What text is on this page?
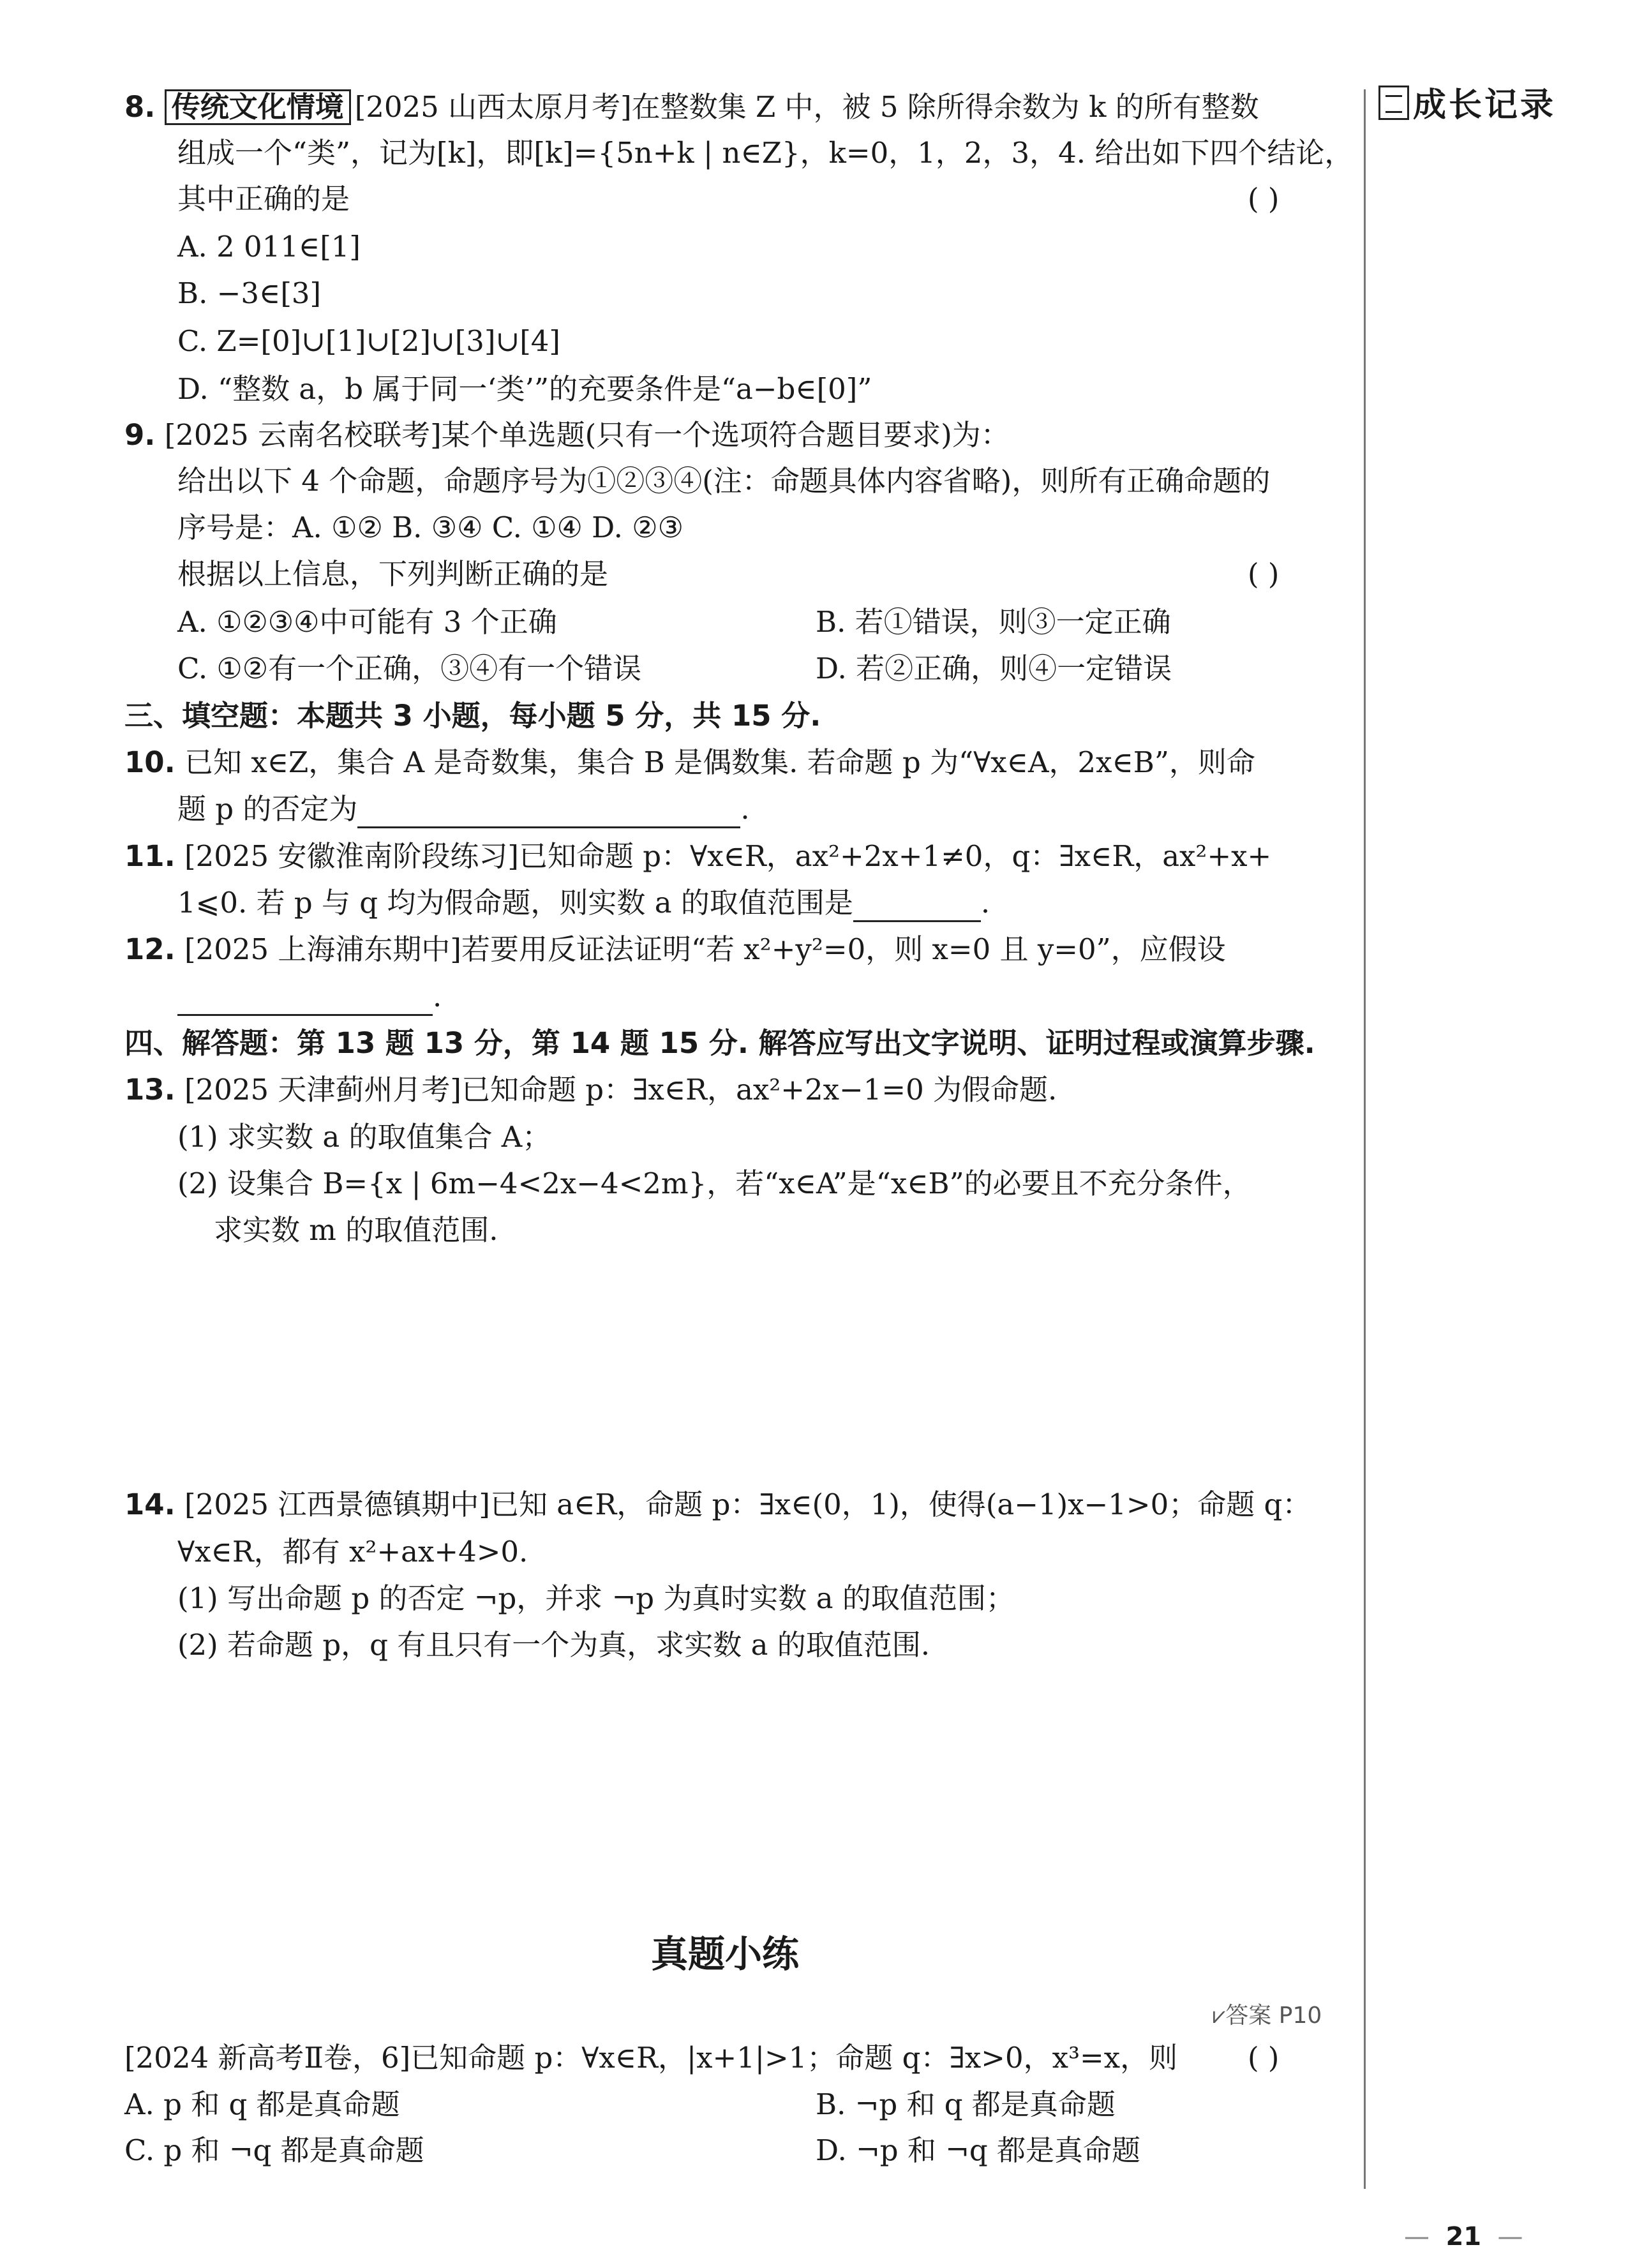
成长记录
8. 传统文化情境 [2025 山西太原月考]在整数集 Z 中，被 5 除所得余数为 k 的所有整数
组成一个“类”，记为[k]，即[k]={5n+k | n∈Z}，k=0，1，2，3，4. 给出如下四个结论，
其中正确的是	( )
A. 2 011∈[1]
B. −3∈[3]
C. Z=[0]∪[1]∪[2]∪[3]∪[4]
D. “整数 a，b 属于同一‘类’”的充要条件是“a−b∈[0]”
9. [2025 云南名校联考]某个单选题(只有一个选项符合题目要求)为：
给出以下 4 个命题，命题序号为①②③④(注：命题具体内容省略)，则所有正确命题的
序号是：A. ①② B. ③④ C. ①④ D. ②③
根据以上信息，下列判断正确的是	( )
A. ①②③④中可能有 3 个正确	B. 若①错误，则③一定正确
C. ①②有一个正确，③④有一个错误	D. 若②正确，则④一定错误
三、填空题：本题共 3 小题，每小题 5 分，共 15 分.
10. 已知 x∈Z，集合 A 是奇数集，集合 B 是偶数集. 若命题 p 为“∀x∈A，2x∈B”，则命
题 p 的否定为	.
11. [2025 安徽淮南阶段练习]已知命题 p：∀x∈R，ax²+2x+1≠0，q：∃x∈R，ax²+x+
1⩽0. 若 p 与 q 均为假命题，则实数 a 的取值范围是	.
12. [2025 上海浦东期中]若要用反证法证明“若 x²+y²=0，则 x=0 且 y=0”，应假设
.
四、解答题：第 13 题 13 分，第 14 题 15 分. 解答应写出文字说明、证明过程或演算步骤.
13. [2025 天津蓟州月考]已知命题 p：∃x∈R，ax²+2x−1=0 为假命题.
(1) 求实数 a 的取值集合 A；
(2) 设集合 B={x | 6m−4<2x−4<2m}，若“x∈A”是“x∈B”的必要且不充分条件，
求实数 m 的取值范围.
14. [2025 江西景德镇期中]已知 a∈R，命题 p：∃x∈(0，1)，使得(a−1)x−1>0；命题 q：
∀x∈R，都有 x²+ax+4>0.
(1) 写出命题 p 的否定 ¬p，并求 ¬p 为真时实数 a 的取值范围；
(2) 若命题 p，q 有且只有一个为真，求实数 a 的取值范围.
真题小练
⩗答案 P10
[2024 新高考Ⅱ卷，6]已知命题 p：∀x∈R，|x+1|>1；命题 q：∃x>0，x³=x，则 ( )
A. p 和 q 都是真命题	B. ¬p 和 q 都是真命题
C. p 和 ¬q 都是真命题	D. ¬p 和 ¬q 都是真命题
— 21 —
